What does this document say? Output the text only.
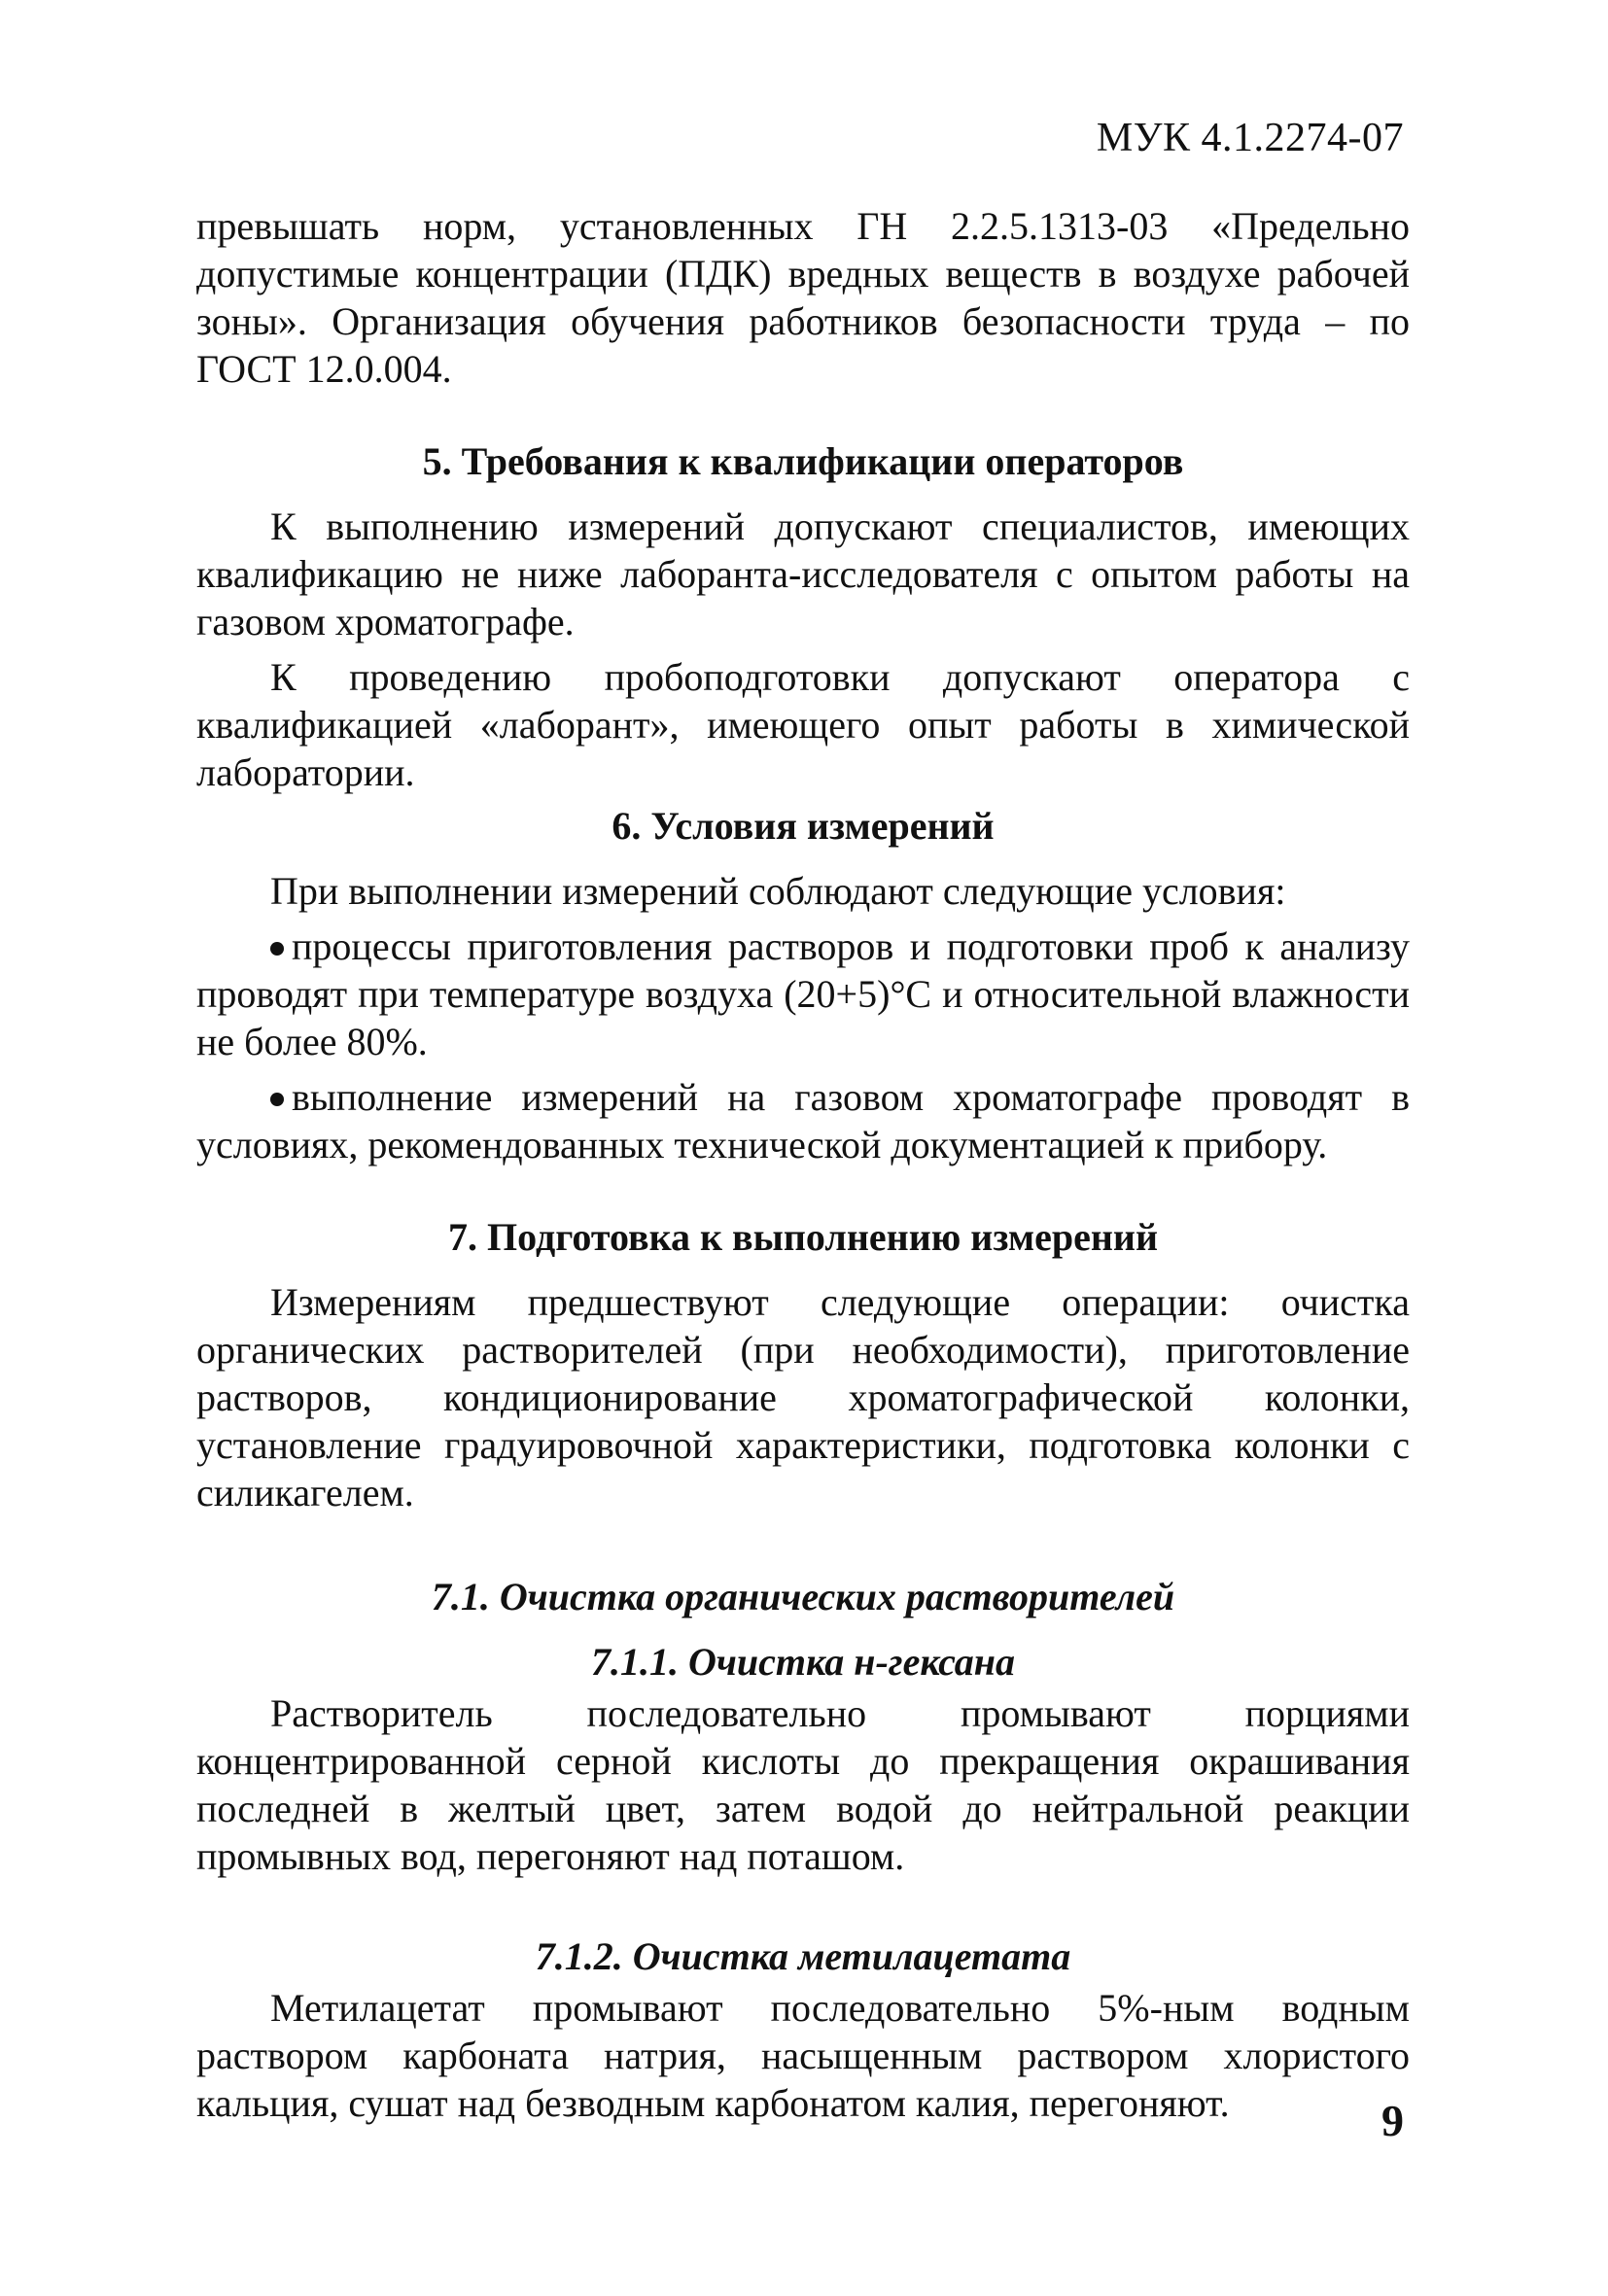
МУК 4.1.2274-07

превышать норм, установленных ГН 2.2.5.1313-03 «Предельно допустимые концентрации (ПДК) вредных веществ в воздухе рабочей зоны». Организация обучения работников безопасности труда – по ГОСТ 12.0.004.

5. Требования к квалификации операторов

К выполнению измерений допускают специалистов, имеющих квалификацию не ниже лаборанта-исследователя с опытом работы на газовом хроматографе.

К проведению пробоподготовки допускают оператора с квалификацией «лаборант», имеющего опыт работы в химической лаборатории.

6. Условия измерений

При выполнении измерений соблюдают следующие условия:

процессы приготовления растворов и подготовки проб к анализу проводят при температуре воздуха (20+5)°С и относительной влажности не более 80%.

выполнение измерений на газовом хроматографе проводят в условиях, рекомендованных технической документацией к прибору.

7. Подготовка к выполнению измерений

Измерениям предшествуют следующие операции: очистка органических растворителей (при необходимости), приготовление растворов, кондиционирование хроматографической колонки, установление градуировочной характеристики, подготовка колонки с силикагелем.

7.1. Очистка органических растворителей
7.1.1. Очистка н-гексана

Растворитель последовательно промывают порциями концентрированной серной кислоты до прекращения окрашивания последней в желтый цвет, затем водой до нейтральной реакции промывных вод, перегоняют над поташом.

7.1.2. Очистка метилацетата

Метилацетат промывают последовательно 5%-ным водным раствором карбоната натрия, насыщенным раствором хлористого кальция, сушат над безводным карбонатом калия, перегоняют.	9
